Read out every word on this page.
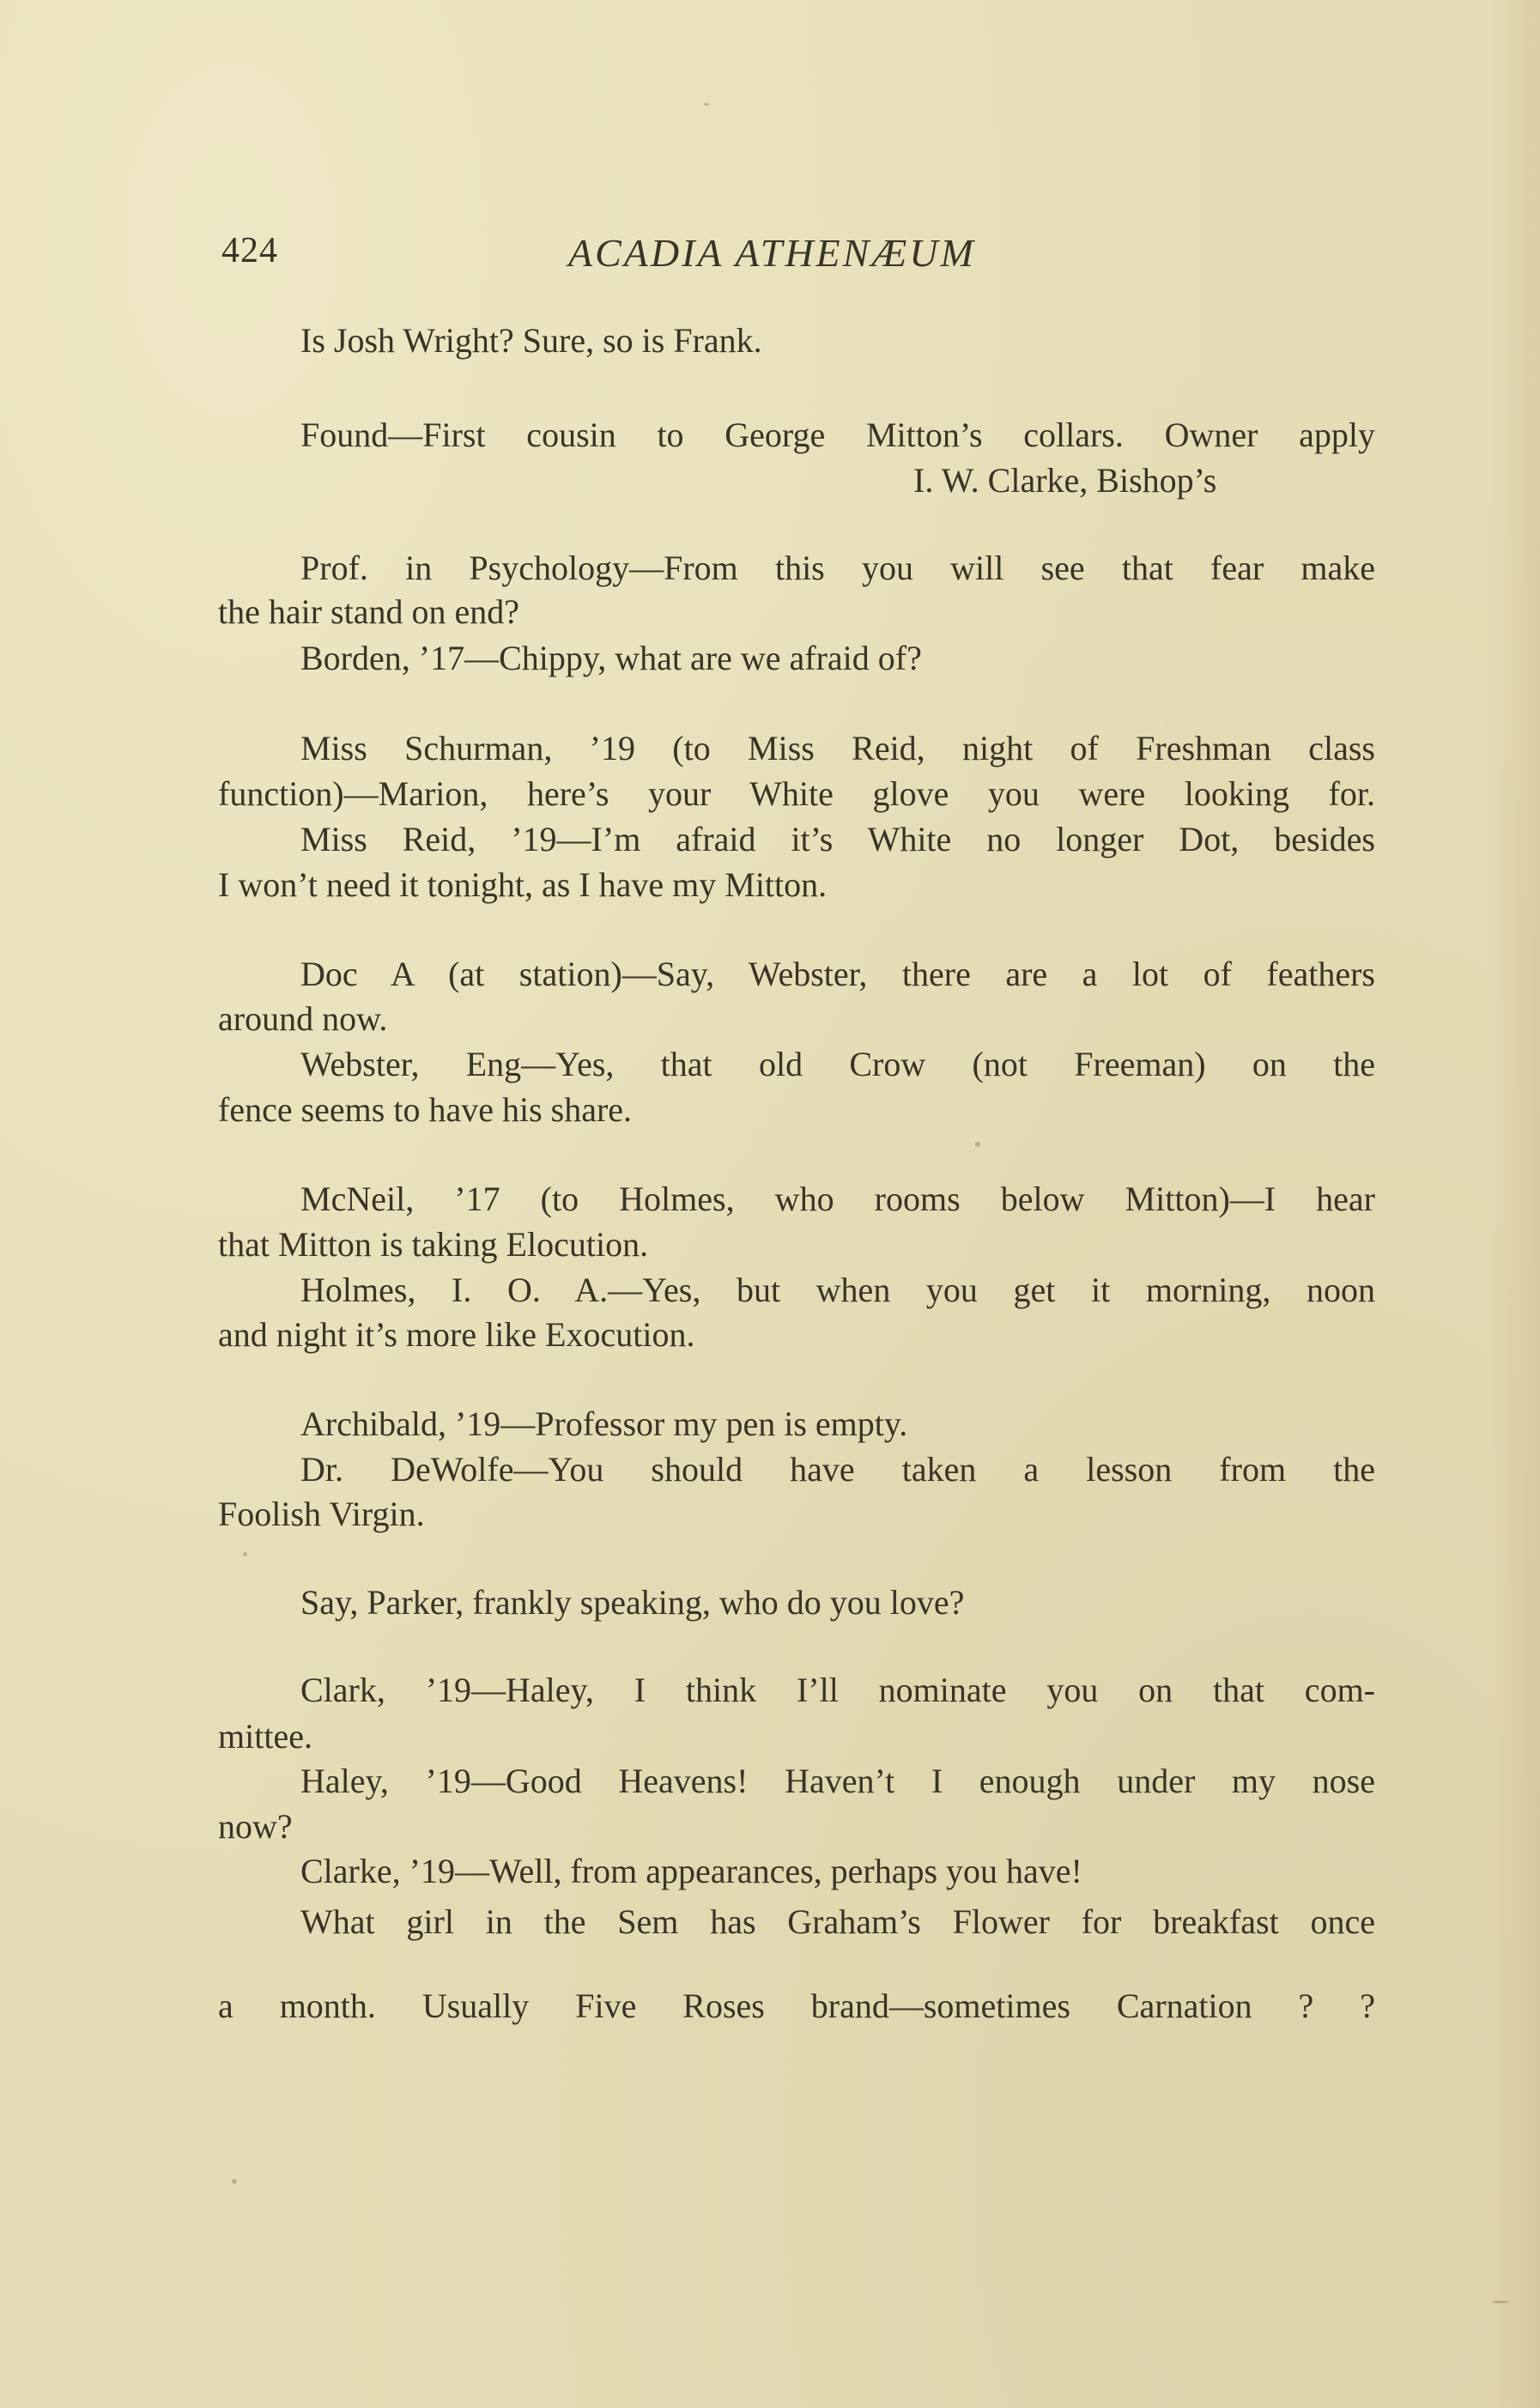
424	ACADIA ATHENÆUM
Is Josh Wright? Sure, so is Frank.
Found—First cousin to George Mitton’s collars. Owner apply
I. W. Clarke, Bishop’s
Prof. in Psychology—From this you will see that fear make
the hair stand on end?
Borden, ’17—Chippy, what are we afraid of?
Miss Schurman, ’19 (to Miss Reid, night of Freshman class
function)—Marion, here’s your White glove you were looking for.
Miss Reid, ’19—I’m afraid it’s White no longer Dot, besides
I won’t need it tonight, as I have my Mitton.
Doc A (at station)—Say, Webster, there are a lot of feathers
around now.
Webster, Eng—Yes, that old Crow (not Freeman) on the
fence seems to have his share.
McNeil, ’17 (to Holmes, who rooms below Mitton)—I hear
that Mitton is taking Elocution.
Holmes, I. O. A.—Yes, but when you get it morning, noon
and night it’s more like Exocution.
Archibald, ’19—Professor my pen is empty.
Dr. DeWolfe—You should have taken a lesson from the
Foolish Virgin.
Say, Parker, frankly speaking, who do you love?
Clark, ’19—Haley, I think I’ll nominate you on that com-
mittee.
Haley, ’19—Good Heavens! Haven’t I enough under my nose
now?
Clarke, ’19—Well, from appearances, perhaps you have!
What girl in the Sem has Graham’s Flower for breakfast once
a month. Usually Five Roses brand—sometimes Carnation ? ?
